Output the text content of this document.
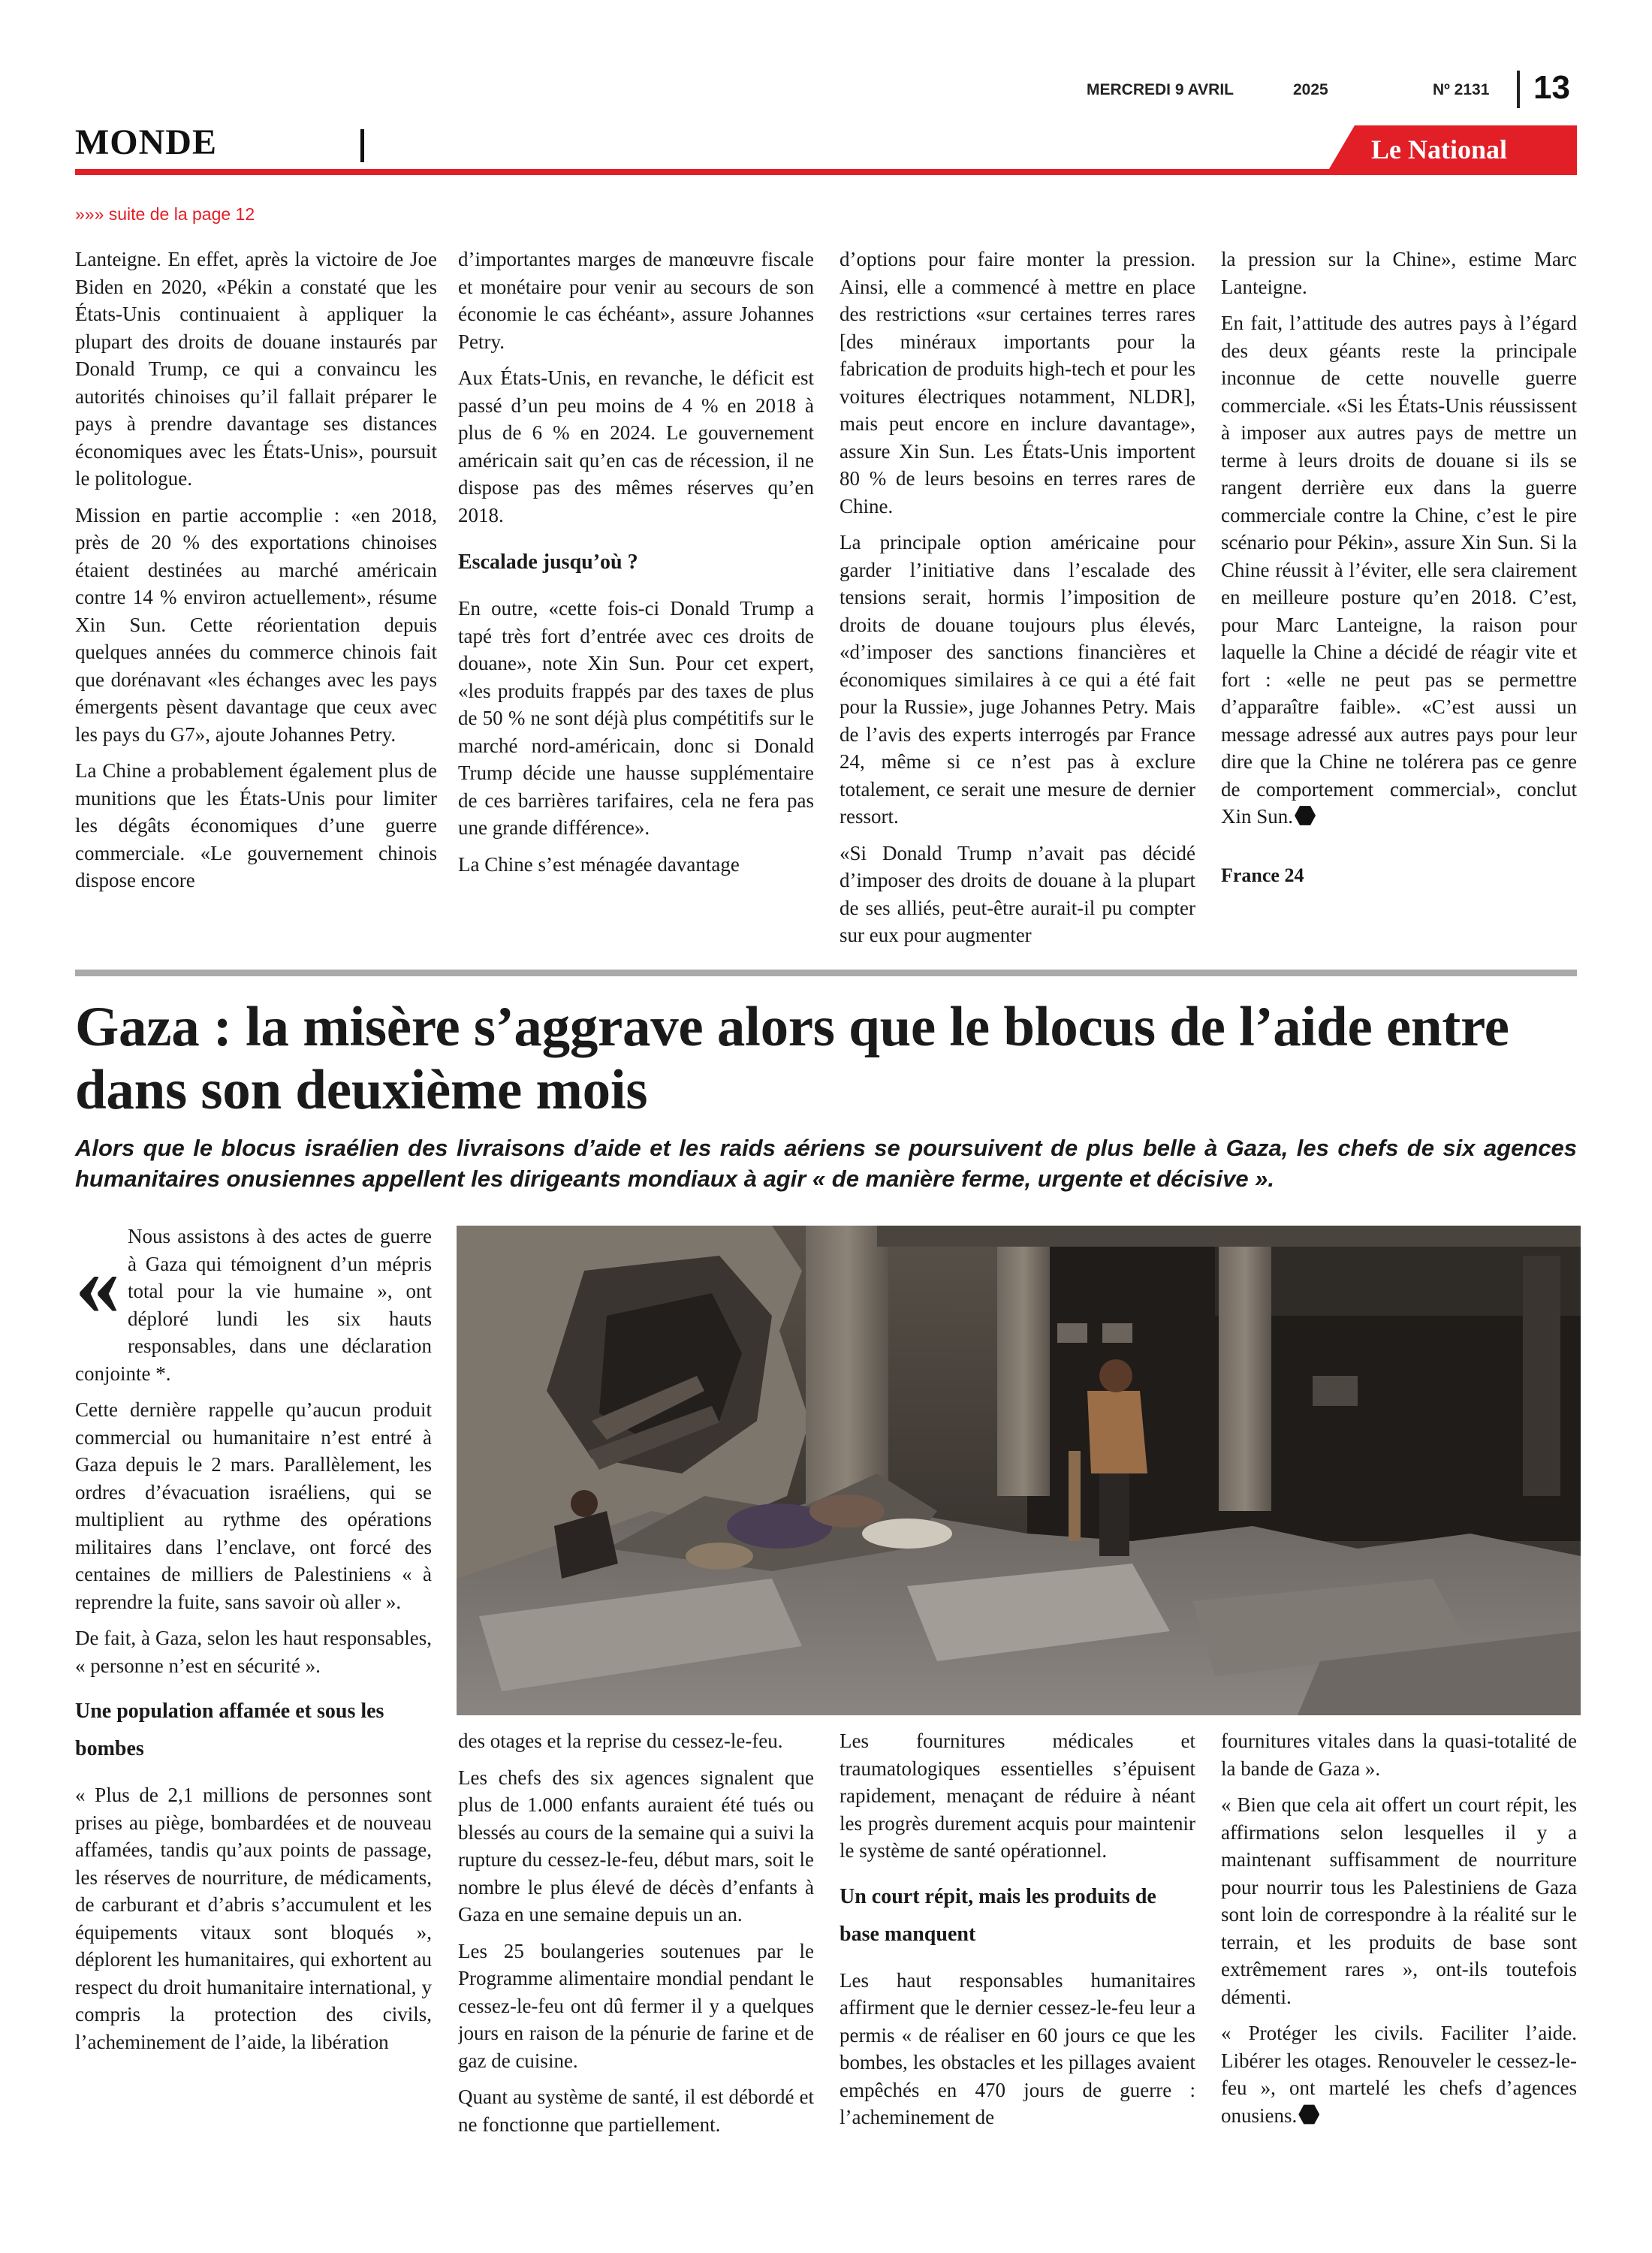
MERCREDI 9 AVRIL	2025	Nº 2131 13
MONDE	Le National
»»» suite de la page 12

Lanteigne. En effet, après la victoire de Joe Biden en 2020, «Pékin a constaté que les États-Unis continuaient à appliquer la plupart des droits de douane instaurés par Donald Trump, ce qui a convaincu les autorités chinoises qu’il fallait préparer le pays à prendre davantage ses distances économiques avec les États-Unis», poursuit le politologue.

Mission en partie accomplie : «en 2018, près de 20 % des exportations chinoises étaient destinées au marché américain contre 14 % environ actuellement», résume Xin Sun. Cette réorientation depuis quelques années du commerce chinois fait que dorénavant «les échanges avec les pays émergents pèsent davantage que ceux avec les pays du G7», ajoute Johannes Petry.

La Chine a probablement également plus de munitions que les États-Unis pour limiter les dégâts économiques d’une guerre commerciale. «Le gouvernement chinois dispose encore

d’importantes marges de manœuvre fiscale et monétaire pour venir au secours de son économie le cas échéant», assure Johannes Petry.

Aux États-Unis, en revanche, le déficit est passé d’un peu moins de 4 % en 2018 à plus de 6 % en 2024. Le gouvernement américain sait qu’en cas de récession, il ne dispose pas des mêmes réserves qu’en 2018.

Escalade jusqu’où ?

En outre, «cette fois-ci Donald Trump a tapé très fort d’entrée avec ces droits de douane», note Xin Sun. Pour cet expert, «les produits frappés par des taxes de plus de 50 % ne sont déjà plus compétitifs sur le marché nord-américain, donc si Donald Trump décide une hausse supplémentaire de ces barrières tarifaires, cela ne fera pas une grande différence».

La Chine s’est ménagée davantage

d’options pour faire monter la pression. Ainsi, elle a commencé à mettre en place des restrictions «sur certaines terres rares [des minéraux importants pour la fabrication de produits high-tech et pour les voitures électriques notamment, NLDR], mais peut encore en inclure davantage», assure Xin Sun. Les États-Unis importent 80 % de leurs besoins en terres rares de Chine.

La principale option américaine pour garder l’initiative dans l’escalade des tensions serait, hormis l’imposition de droits de douane toujours plus élevés, «d’imposer des sanctions financières et économiques similaires à ce qui a été fait pour la Russie», juge Johannes Petry. Mais de l’avis des experts interrogés par France 24, même si ce n’est pas à exclure totalement, ce serait une mesure de dernier ressort.

«Si Donald Trump n’avait pas décidé d’imposer des droits de douane à la plupart de ses alliés, peut-être aurait-il pu compter sur eux pour augmenter

la pression sur la Chine», estime Marc Lanteigne.

En fait, l’attitude des autres pays à l’égard des deux géants reste la principale inconnue de cette nouvelle guerre commerciale. «Si les États-Unis réussissent à imposer aux autres pays de mettre un terme à leurs droits de douane si ils se rangent derrière eux dans la guerre commerciale contre la Chine, c’est le pire scénario pour Pékin», assure Xin Sun. Si la Chine réussit à l’éviter, elle sera clairement en meilleure posture qu’en 2018. C’est, pour Marc Lanteigne, la raison pour laquelle la Chine a décidé de réagir vite et fort : «elle ne peut pas se permettre d’apparaître faible». «C’est aussi un message adressé aux autres pays pour leur dire que la Chine ne tolérera pas ce genre de comportement commercial», conclut Xin Sun.

France 24

Gaza : la misère s’aggrave alors que le blocus de l’aide entre dans son deuxième mois

Alors que le blocus israélien des livraisons d’aide et les raids aériens se poursuivent de plus belle à Gaza, les chefs de six agences humanitaires onusiennes appellent les dirigeants mondiaux à agir « de manière ferme, urgente et décisive ».

« Nous assistons à des actes de guerre à Gaza qui témoignent d’un mépris total pour la vie humaine », ont déploré lundi les six hauts responsables, dans une déclaration conjointe *.

Cette dernière rappelle qu’aucun produit commercial ou humanitaire n’est entré à Gaza depuis le 2 mars. Parallèlement, les ordres d’évacuation israéliens, qui se multiplient au rythme des opérations militaires dans l’enclave, ont forcé des centaines de milliers de Palestiniens « à reprendre la fuite, sans savoir où aller ».

De fait, à Gaza, selon les haut responsables, « personne n’est en sécurité ».

Une population affamée et sous les bombes

« Plus de 2,1 millions de personnes sont prises au piège, bombardées et de nouveau affamées, tandis qu’aux points de passage, les réserves de nourriture, de médicaments, de carburant et d’abris s’accumulent et les équipements vitaux sont bloqués », déplorent les humanitaires, qui exhortent au respect du droit humanitaire international, y compris la protection des civils, l’acheminement de l’aide, la libération

des otages et la reprise du cessez-le-feu.

Les chefs des six agences signalent que plus de 1.000 enfants auraient été tués ou blessés au cours de la semaine qui a suivi la rupture du cessez-le-feu, début mars, soit le nombre le plus élevé de décès d’enfants à Gaza en une semaine depuis un an.

Les 25 boulangeries soutenues par le Programme alimentaire mondial pendant le cessez-le-feu ont dû fermer il y a quelques jours en raison de la pénurie de farine et de gaz de cuisine.

Quant au système de santé, il est débordé et ne fonctionne que partiellement.

Les fournitures médicales et traumatologiques essentielles s’épuisent rapidement, menaçant de réduire à néant les progrès durement acquis pour maintenir le système de santé opérationnel.

Un court répit, mais les produits de base manquent

Les haut responsables humanitaires affirment que le dernier cessez-le-feu leur a permis « de réaliser en 60 jours ce que les bombes, les obstacles et les pillages avaient empêchés en 470 jours de guerre : l’acheminement de

fournitures vitales dans la quasi-totalité de la bande de Gaza ».

« Bien que cela ait offert un court répit, les affirmations selon lesquelles il y a maintenant suffisamment de nourriture pour nourrir tous les Palestiniens de Gaza sont loin de correspondre à la réalité sur le terrain, et les produits de base sont extrêmement rares », ont-ils toutefois démenti.

« Protéger les civils. Faciliter l’aide. Libérer les otages. Renouveler le cessez-le-feu », ont martelé les chefs d’agences onusiens.
